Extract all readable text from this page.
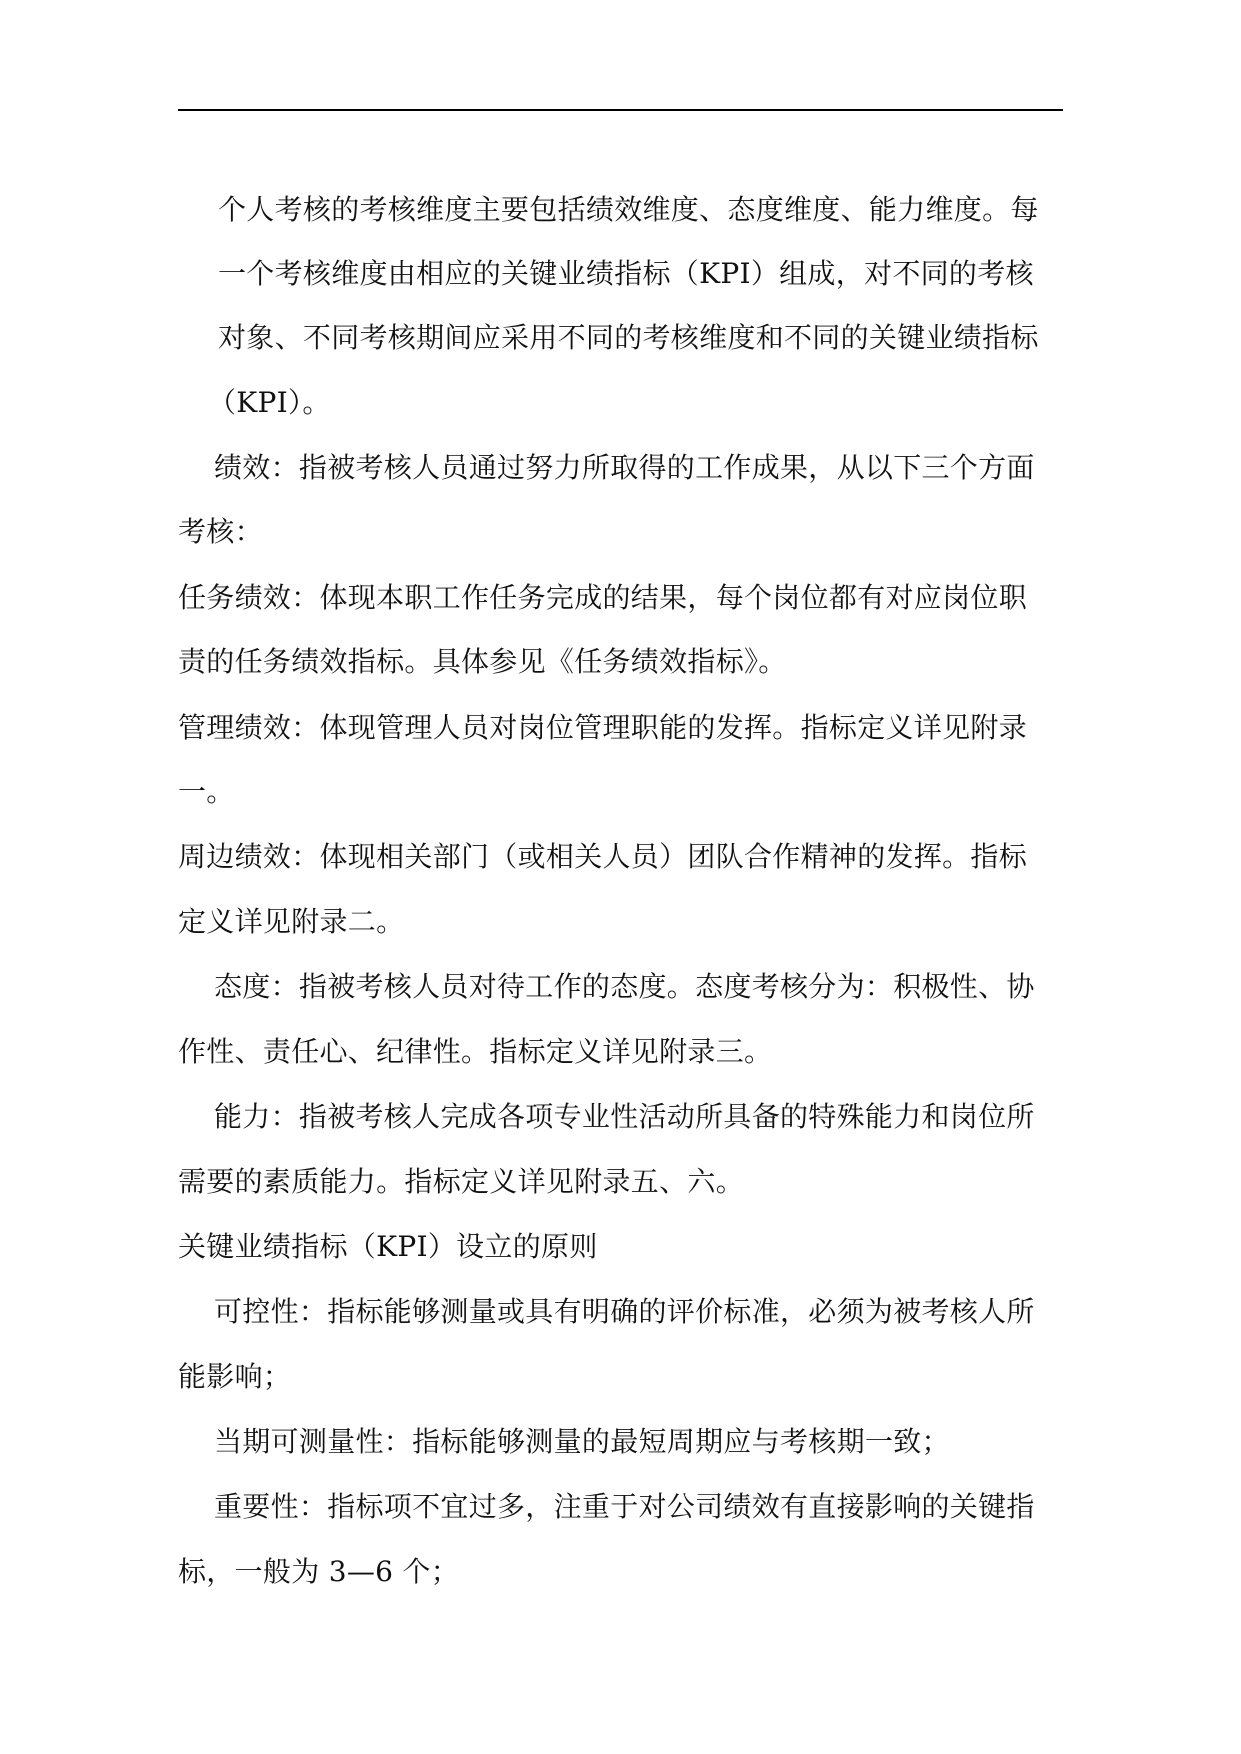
个人考核的考核维度主要包括绩效维度、态度维度、能力维度。每

一个考核维度由相应的关键业绩指标（KPI）组成，对不同的考核

对象、不同考核期间应采用不同的考核维度和不同的关键业绩指标

（KPI）。

绩效：指被考核人员通过努力所取得的工作成果，从以下三个方面

考核：

任务绩效：体现本职工作任务完成的结果，每个岗位都有对应岗位职

责的任务绩效指标。具体参见《任务绩效指标》。

管理绩效：体现管理人员对岗位管理职能的发挥。指标定义详见附录

一。

周边绩效：体现相关部门（或相关人员）团队合作精神的发挥。指标

定义详见附录二。

态度：指被考核人员对待工作的态度。态度考核分为：积极性、协

作性、责任心、纪律性。指标定义详见附录三。

能力：指被考核人完成各项专业性活动所具备的特殊能力和岗位所

需要的素质能力。指标定义详见附录五、六。

关键业绩指标（KPI）设立的原则

可控性：指标能够测量或具有明确的评价标准，必须为被考核人所

能影响；

当期可测量性：指标能够测量的最短周期应与考核期一致；

重要性：指标项不宜过多，注重于对公司绩效有直接影响的关键指

标，一般为 3—6 个；
